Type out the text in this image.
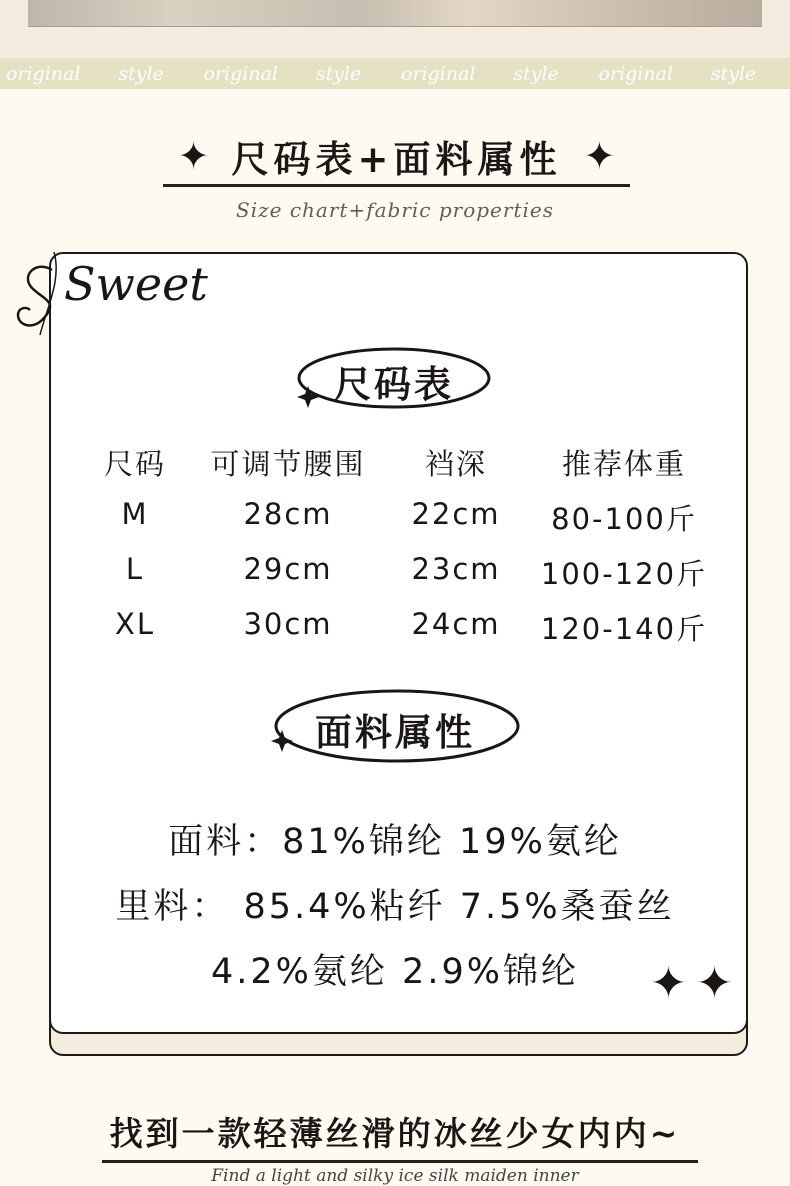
original	style	original	style	original	style	original	style
✦ 尺码表+面料属性 ✦
Size chart+fabric properties
Sweet
尺码表
尺码	可调节腰围	裆深	推荐体重
M	28cm	22cm	80-100斤
L	29cm	23cm	100-120斤
XL	30cm	24cm	120-140斤
面料属性
面料：81%锦纶 19%氨纶
里料： 85.4%粘纤 7.5%桑蚕丝
4.2%氨纶 2.9%锦纶	✦ ✦
找到一款轻薄丝滑的冰丝少女内内~
Find a light and silky ice silk maiden inner
